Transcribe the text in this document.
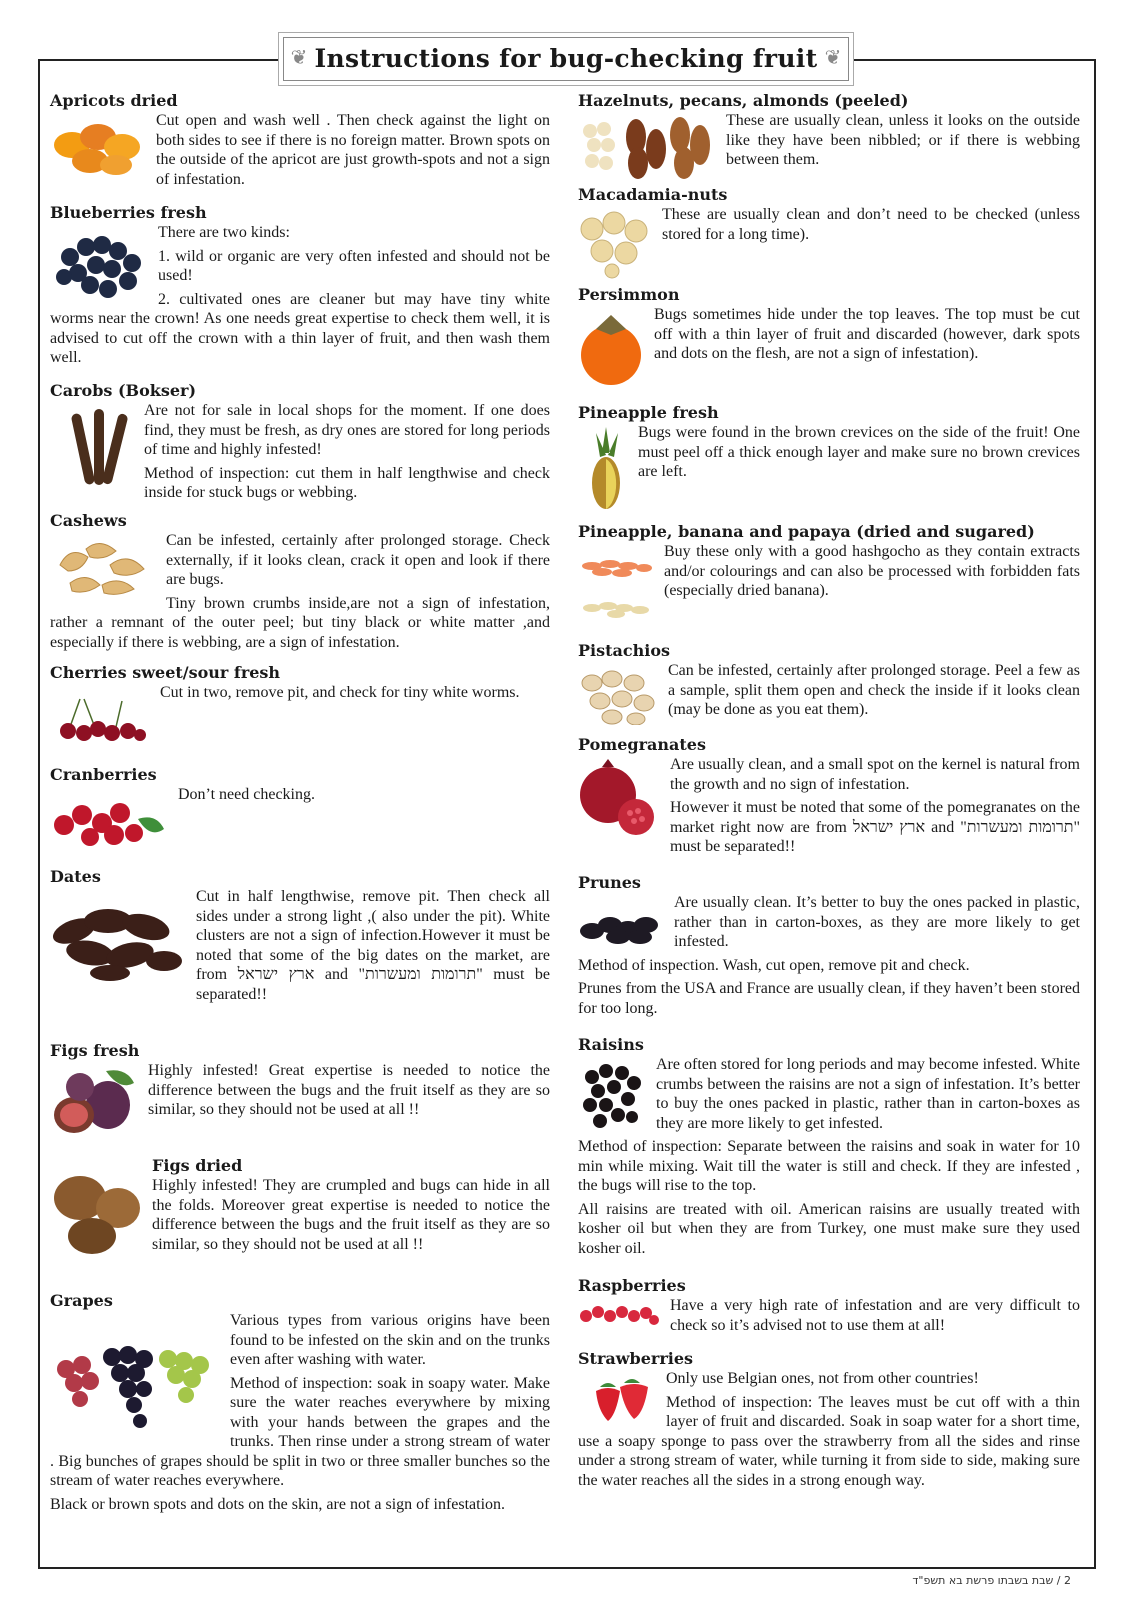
❦ Instructions for bug-checking fruit ❦

Apricots dried

Cut open and wash well . Then check against the light on both sides to see if there is no foreign matter. Brown spots on the outside of the apricot are just growth-spots and not a sign of infestation.

Blueberries fresh

There are two kinds:

1. wild or organic are very often infested and should not be used!

2. cultivated ones are cleaner but may have tiny white worms near the crown! As one needs great expertise to check them well, it is advised to cut off the crown with a thin layer of fruit, and then wash them well.

Carobs (Bokser)

Are not for sale in local shops for the moment. If one does find, they must be fresh, as dry ones are stored for long periods of time and highly infested!

Method of inspection: cut them in half lengthwise and check inside for stuck bugs or webbing.

Cashews

Can be infested, certainly after prolonged storage. Check externally, if it looks clean, crack it open and look if there are bugs.

Tiny brown crumbs inside,are not a sign of infestation, rather a remnant of the outer peel; but tiny black or white matter ,and especially if there is webbing, are a sign of infestation.

Cherries sweet/sour fresh

Cut in two, remove pit, and check for tiny white worms.

Cranberries

Don’t need checking.

Dates

Cut in half lengthwise, remove pit. Then check all sides under a strong light ,( also under the pit). White clusters are not a sign of infection.However it must be noted that some of the big dates on the market, are from ארץ ישראל and "תרומות ומעשרות" must be separated!!

Figs fresh

Highly infested! Great expertise is needed to notice the difference between the bugs and the fruit itself as they are so similar, so they should not be used at all !!

Figs dried

Highly infested! They are crumpled and bugs can hide in all the folds. Moreover great expertise is needed to notice the difference between the bugs and the fruit itself as they are so similar, so they should not be used at all !!

Grapes

Various types from various origins have been found to be infested on the skin and on the trunks even after washing with water.

Method of inspection: soak in soapy water. Make sure the water reaches everywhere by mixing with your hands between the grapes and the trunks. Then rinse under a strong stream of water . Big bunches of grapes should be split in two or three smaller bunches so the stream of water reaches everywhere.

Black or brown spots and dots on the skin, are not a sign of infestation.

Hazelnuts, pecans, almonds (peeled)

These are usually clean, unless it looks on the outside like they have been nibbled; or if there is webbing between them.

Macadamia-nuts

These are usually clean and don’t need to be checked (unless stored for a long time).

Persimmon

Bugs sometimes hide under the top leaves. The top must be cut off with a thin layer of fruit and discarded (however, dark spots and dots on the flesh, are not a sign of infestation).

Pineapple fresh

Bugs were found in the brown crevices on the side of the fruit! One must peel off a thick enough layer and make sure no brown crevices are left.

Pineapple, banana and papaya (dried and sugared)

Buy these only with a good hashgocho as they contain extracts and/or colourings and can also be processed with forbidden fats (especially dried banana).

Pistachios

Can be infested, certainly after prolonged storage. Peel a few as a sample, split them open and check the inside if it looks clean (may be done as you eat them).

Pomegranates

Are usually clean, and a small spot on the kernel is natural from the growth and no sign of infestation.

However it must be noted that some of the pomegranates on the market right now are from ארץ ישראל and "תרומות ומעשרות" must be separated!!

Prunes

Are usually clean. It’s better to buy the ones packed in plastic, rather than in carton-boxes, as they are more likely to get infested.

Method of inspection. Wash, cut open, remove pit and check.

Prunes from the USA and France are usually clean, if they haven’t been stored for too long.

Raisins

Are often stored for long periods and may become infested. White crumbs between the raisins are not a sign of infestation. It’s better to buy the ones packed in plastic, rather than in carton-boxes as they are more likely to get infested.

Method of inspection: Separate between the raisins and soak in water for 10 min while mixing. Wait till the water is still and check. If they are infested , the bugs will rise to the top.

All raisins are treated with oil. American raisins are usually treated with kosher oil but when they are from Turkey, one must make sure they used kosher oil.

Raspberries

Have a very high rate of infestation and are very difficult to check so it’s advised not to use them at all!

Strawberries

Only use Belgian ones, not from other countries!

Method of inspection: The leaves must be cut off with a thin layer of fruit and discarded. Soak in soap water for a short time, use a soapy sponge to pass over the strawberry from all the sides and rinse under a strong stream of water, while turning it from side to side, making sure the water reaches all the sides in a strong enough way.

2 / שבת בשבתו פרשת בא תשפ"ד
